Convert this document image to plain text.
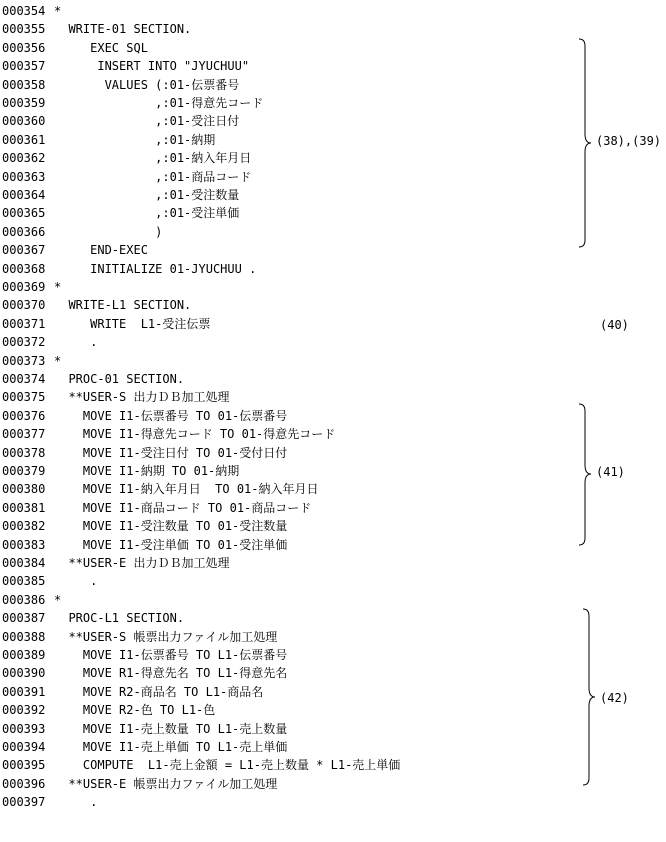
000354 *
000355  WRITE-01 SECTION.
000356     EXEC SQL
000357      INSERT INTO "JYUCHUU"
000358       VALUES (:01-伝票番号
000359              ,:01-得意先コード
000360              ,:01-受注日付
000361              ,:01-納期
000362              ,:01-納入年月日
000363              ,:01-商品コード
000364              ,:01-受注数量
000365              ,:01-受注単価
000366              )
000367     END-EXEC
000368     INITIALIZE 01-JYUCHUU .
000369 *
000370  WRITE-L1 SECTION.
000371     WRITE  L1-受注伝票
000372     .
000373 *
000374  PROC-01 SECTION.
000375  **USER-S 出力ＤＢ加工処理
000376    MOVE I1-伝票番号 TO 01-伝票番号
000377    MOVE I1-得意先コード TO 01-得意先コード
000378    MOVE I1-受注日付 TO 01-受付日付
000379    MOVE I1-納期 TO 01-納期
000380    MOVE I1-納入年月日  TO 01-納入年月日
000381    MOVE I1-商品コード TO 01-商品コード
000382    MOVE I1-受注数量 TO 01-受注数量
000383    MOVE I1-受注単価 TO 01-受注単価
000384  **USER-E 出力ＤＢ加工処理
000385     .
000386 *
000387  PROC-L1 SECTION.
000388  **USER-S 帳票出力ファイル加工処理
000389    MOVE I1-伝票番号 TO L1-伝票番号
000390    MOVE R1-得意先名 TO L1-得意先名
000391    MOVE R2-商品名 TO L1-商品名
000392    MOVE R2-色 TO L1-色
000393    MOVE I1-売上数量 TO L1-売上数量
000394    MOVE I1-売上単価 TO L1-売上単価
000395    COMPUTE  L1-売上金額 = L1-売上数量 * L1-売上単価
000396  **USER-E 帳票出力ファイル加工処理
000397     .
(38),(39)
(40)
(41)
(42)
